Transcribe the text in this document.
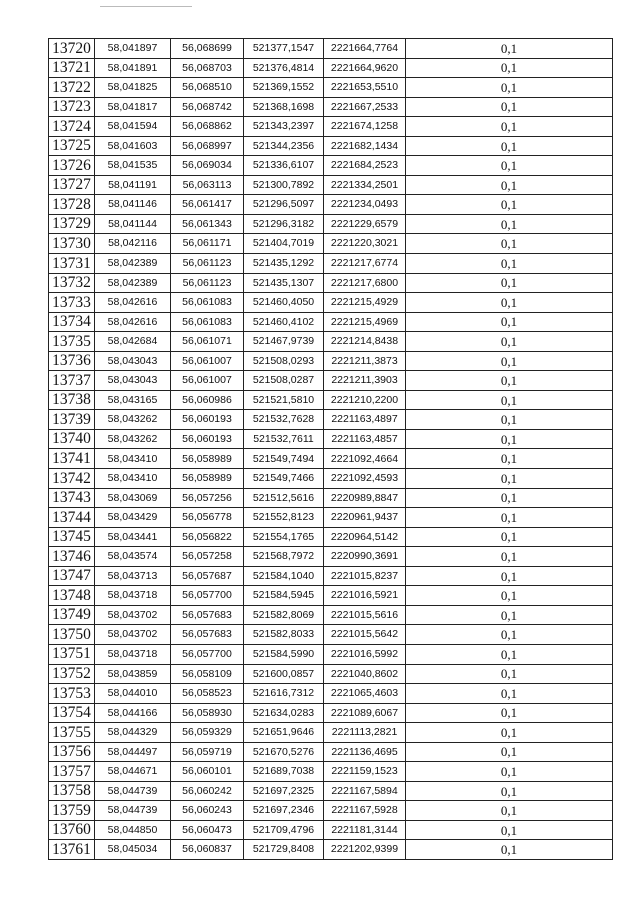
13720	58,041897	56,068699	521377,1547	2221664,7764	0,1
13721	58,041891	56,068703	521376,4814	2221664,9620	0,1
13722	58,041825	56,068510	521369,1552	2221653,5510	0,1
13723	58,041817	56,068742	521368,1698	2221667,2533	0,1
13724	58,041594	56,068862	521343,2397	2221674,1258	0,1
13725	58,041603	56,068997	521344,2356	2221682,1434	0,1
13726	58,041535	56,069034	521336,6107	2221684,2523	0,1
13727	58,041191	56,063113	521300,7892	2221334,2501	0,1
13728	58,041146	56,061417	521296,5097	2221234,0493	0,1
13729	58,041144	56,061343	521296,3182	2221229,6579	0,1
13730	58,042116	56,061171	521404,7019	2221220,3021	0,1
13731	58,042389	56,061123	521435,1292	2221217,6774	0,1
13732	58,042389	56,061123	521435,1307	2221217,6800	0,1
13733	58,042616	56,061083	521460,4050	2221215,4929	0,1
13734	58,042616	56,061083	521460,4102	2221215,4969	0,1
13735	58,042684	56,061071	521467,9739	2221214,8438	0,1
13736	58,043043	56,061007	521508,0293	2221211,3873	0,1
13737	58,043043	56,061007	521508,0287	2221211,3903	0,1
13738	58,043165	56,060986	521521,5810	2221210,2200	0,1
13739	58,043262	56,060193	521532,7628	2221163,4897	0,1
13740	58,043262	56,060193	521532,7611	2221163,4857	0,1
13741	58,043410	56,058989	521549,7494	2221092,4664	0,1
13742	58,043410	56,058989	521549,7466	2221092,4593	0,1
13743	58,043069	56,057256	521512,5616	2220989,8847	0,1
13744	58,043429	56,056778	521552,8123	2220961,9437	0,1
13745	58,043441	56,056822	521554,1765	2220964,5142	0,1
13746	58,043574	56,057258	521568,7972	2220990,3691	0,1
13747	58,043713	56,057687	521584,1040	2221015,8237	0,1
13748	58,043718	56,057700	521584,5945	2221016,5921	0,1
13749	58,043702	56,057683	521582,8069	2221015,5616	0,1
13750	58,043702	56,057683	521582,8033	2221015,5642	0,1
13751	58,043718	56,057700	521584,5990	2221016,5992	0,1
13752	58,043859	56,058109	521600,0857	2221040,8602	0,1
13753	58,044010	56,058523	521616,7312	2221065,4603	0,1
13754	58,044166	56,058930	521634,0283	2221089,6067	0,1
13755	58,044329	56,059329	521651,9646	2221113,2821	0,1
13756	58,044497	56,059719	521670,5276	2221136,4695	0,1
13757	58,044671	56,060101	521689,7038	2221159,1523	0,1
13758	58,044739	56,060242	521697,2325	2221167,5894	0,1
13759	58,044739	56,060243	521697,2346	2221167,5928	0,1
13760	58,044850	56,060473	521709,4796	2221181,3144	0,1
13761	58,045034	56,060837	521729,8408	2221202,9399	0,1
